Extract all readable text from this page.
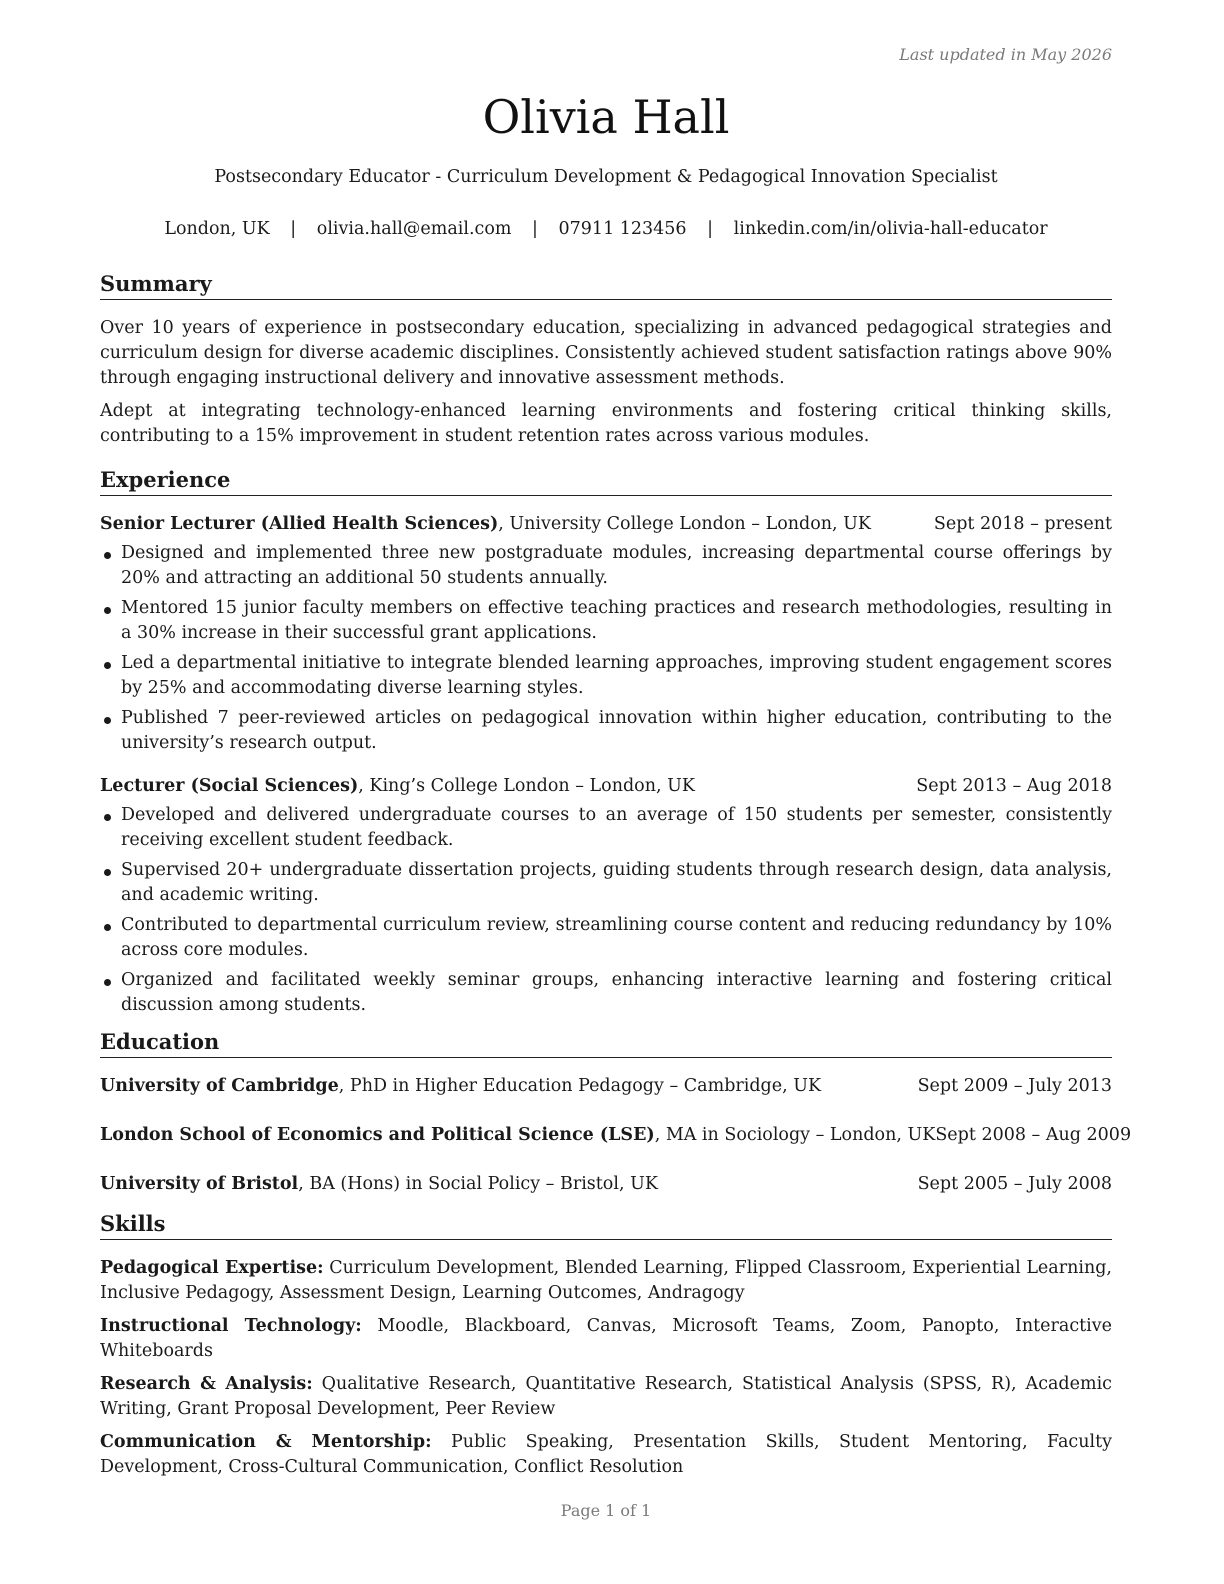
Last updated in May 2026
Olivia Hall
Postsecondary Educator - Curriculum Development & Pedagogical Innovation Specialist
London, UK | olivia.hall@email.com | 07911 123456 | linkedin.com/in/olivia-hall-educator
Summary

Over 10 years of experience in postsecondary education, specializing in advanced pedagogical strategies and curriculum design for diverse academic disciplines. Consistently achieved student satisfaction ratings above 90% through engaging instructional delivery and innovative assessment methods.

Adept at integrating technology-enhanced learning environments and fostering critical thinking skills, contributing to a 15% improvement in student retention rates across various modules.

Experience
Senior Lecturer (Allied Health Sciences), University College London – London, UK	Sept 2018 – present
Designed and implemented three new postgraduate modules, increasing departmental course offerings by 20% and attracting an additional 50 students annually.
Mentored 15 junior faculty members on effective teaching practices and research methodologies, resulting in a 30% increase in their successful grant applications.
Led a departmental initiative to integrate blended learning approaches, improving student engagement scores by 25% and accommodating diverse learning styles.
Published 7 peer-reviewed articles on pedagogical innovation within higher education, contributing to the university’s research output.
Lecturer (Social Sciences), King’s College London – London, UK	Sept 2013 – Aug 2018
Developed and delivered undergraduate courses to an average of 150 students per semester, consistently receiving excellent student feedback.
Supervised 20+ undergraduate dissertation projects, guiding students through research design, data analysis, and academic writing.
Contributed to departmental curriculum review, streamlining course content and reducing redundancy by 10% across core modules.
Organized and facilitated weekly seminar groups, enhancing interactive learning and fostering critical discussion among students.
Education
University of Cambridge, PhD in Higher Education Pedagogy – Cambridge, UK	Sept 2009 – July 2013
London School of Economics and Political Science (LSE), MA in Sociology – London, UK Sept 2008 – Aug 2009
University of Bristol, BA (Hons) in Social Policy – Bristol, UK	Sept 2005 – July 2008
Skills

Pedagogical Expertise: Curriculum Development, Blended Learning, Flipped Classroom, Experiential Learning, Inclusive Pedagogy, Assessment Design, Learning Outcomes, Andragogy

Instructional Technology: Moodle, Blackboard, Canvas, Microsoft Teams, Zoom, Panopto, Interactive Whiteboards

Research & Analysis: Qualitative Research, Quantitative Research, Statistical Analysis (SPSS, R), Academic Writing, Grant Proposal Development, Peer Review

Communication & Mentorship: Public Speaking, Presentation Skills, Student Mentoring, Faculty Development, Cross-Cultural Communication, Conflict Resolution

Page 1 of 1
